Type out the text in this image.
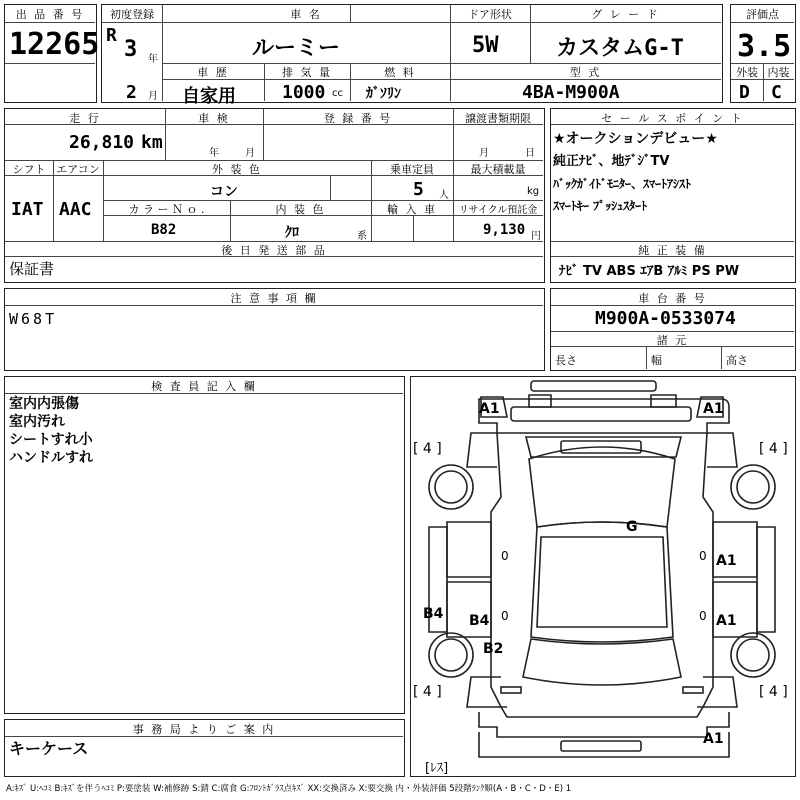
出 品 番 号
12265
初度登録
R
3 年
2 月
車 名
ルーミー
ドア形状
5W
グ レ ー ド
カスタムG-T
車 歴
自家用
排 気 量
1000 cc
燃 料
ｶﾞｿﾘﾝ
型 式
4BA-M900A
評価点
3.5
外装 内装
D C
走 行
26,810 km
車 検
年	月
登 録 番 号	譲渡書類期限
月	日
シフト エアコン
IAT AAC
外 装 色
コン
乗車定員
5 人
最大積載量
kg
カ ラ ー Ｎ ｏ .
B82
内 装 色
ｸﾛ	系
輸 入 車	リサイクル預託金
9,130 円
後 日 発 送 部 品
保証書
セ ー ル ス ポ イ ン ト
★オークションデビュー★
純正ﾅﾋﾞ、地ﾃﾞｼﾞTV
ﾊﾞｯｸｶﾞｲﾄﾞﾓﾆﾀｰ、ｽﾏｰﾄｱｼｽﾄ
ｽﾏｰﾄｷｰ ﾌﾟｯｼｭｽﾀｰﾄ
純 正 装 備
ﾅﾋﾞ TV ABS ｴｱB ｱﾙﾐ PS PW
注 意 事 項 欄
W68T
車 台 番 号
M900A-0533074
諸 元
長さ	幅	高さ
検 査 員 記 入 欄
室内内張傷
室内汚れ
シートすれ小
ハンドルすれ
事 務 局 よ り ご 案 内
キーケース
A1	A1
G
A1
A1
B4 B4
B2
A1
[ 4 ]	[ 4 ]
[ 4 ]	[ 4 ]
[ﾚｽ]
0	0
0	0
A:ｷｽﾞ U:ﾍｺﾐ B:ｷｽﾞを伴うﾍｺﾐ P:要塗装 W:補修跡 S:錆 C:腐食 G:ﾌﾛﾝﾄｶﾞﾗｽ点ｷｽﾞ XX:交換済み X:要交換 内・外装評価 5段階ﾗﾝｸ順(A・B・C・D・E) 1
